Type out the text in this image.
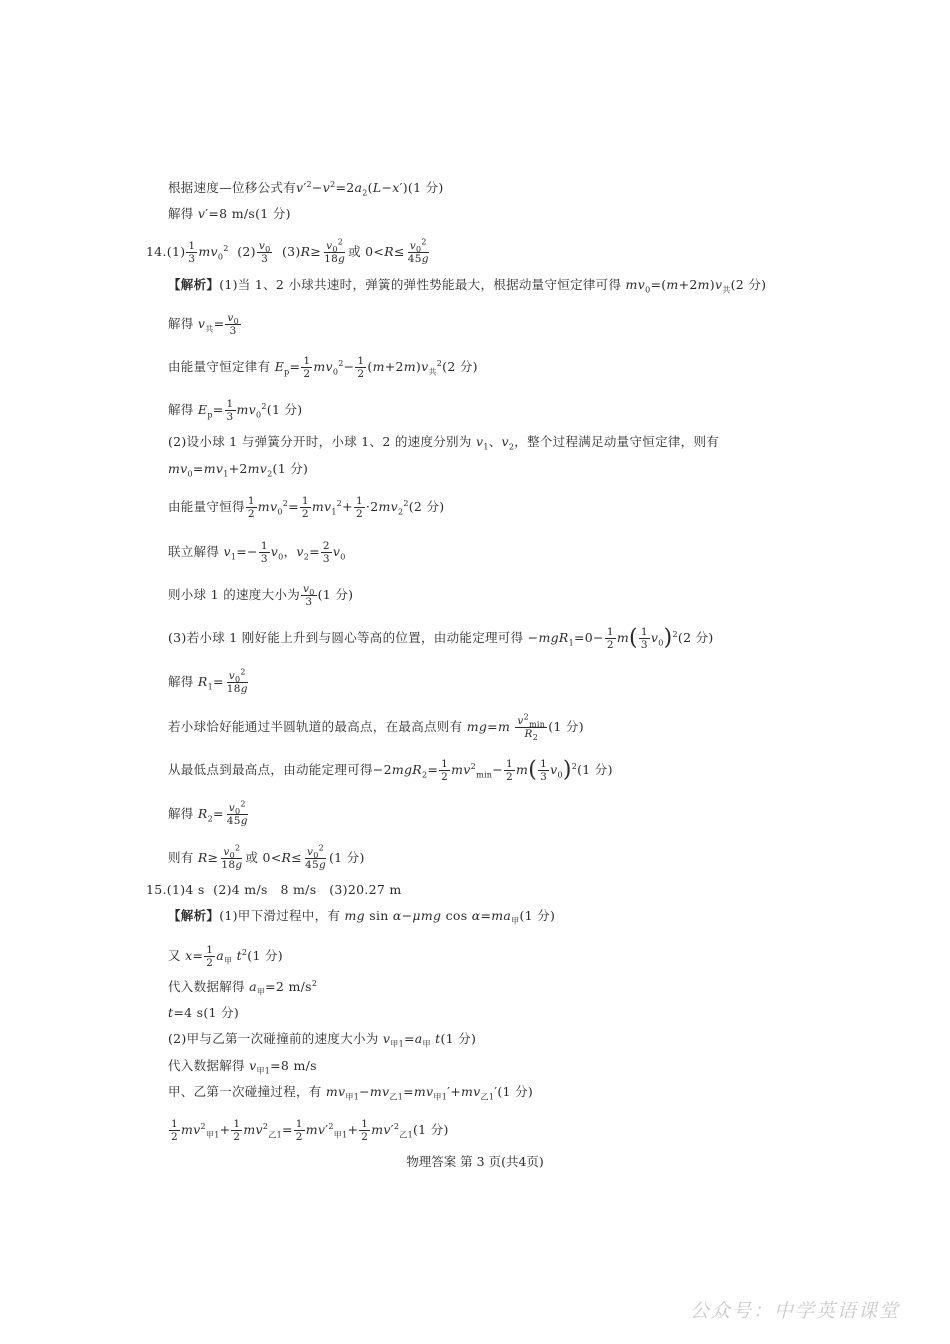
根据速度—位移公式有$v'^2-v^2=2a_2(L-x')(1$ 分)
解得 v′=8 m/s(1 分)
$14.(1) \frac{1}{3} mv_0^2$  $(2) \frac{v_0}{3} (3)R\ge \frac{v_0^2}{18g}$ 或 $0<R\le \frac{v_0^2}{45g}$
【解析】(1)当 1、2 小球共速时，弹簧的弹性势能最大，根据动量守恒定律可得 $mv_0=(m+2m)v_共(2$ 分)
解得 $v_共= \frac{v_0}{3}$
由能量守恒定律有 $E_p= \frac{1}{2} mv_0^2- \frac{1}{2} (m+2m)v_共^2(2$ 分)
解得 $E_p= \frac{1}{3} mv_0^2(1$ 分)
(2)设小球 1 与弹簧分开时，小球 1、2 的速度分别为 $v_1$、$v_2$，整个过程满足动量守恒定律，则有
$mv_0=mv_1+2mv_2(1$ 分)
由能量守恒得 $\frac{1}{2} mv_0^2= \frac{1}{2} mv_1^2+ \frac{1}{2} \cdot 2mv_2^2(2$ 分)
联立解得 $v_1=- \frac{1}{3} v_0$，$v_2= \frac{2}{3} v_0$
则小球 1 的速度大小为 $\frac{v_0}{3} (1$ 分)
(3)若小球 1 刚好能上升到与圆心等高的位置，由动能定理可得 $-mgR_1=0- \frac{1}{2} m( \frac{1}{3} v_0)^2(2$ 分)
解得 $R_1= \frac{v_0^2}{18g}$
若小球恰好能通过半圆轨道的最高点，在最高点则有 mg=m $v^2_{min}$
$R_2$
(1 分)
从最低点到最高点，由动能定理可得$-2mgR_2= \frac{1}{2} mv^2_{min}- \frac{1}{2} m( \frac{1}{3} v_0)^2(1$ 分)
解得 $R_2= \frac{v_0^2}{45g}$
则有 $R\ge \frac{v_0^2}{18g}$ 或 $0<R\le \frac{v_0^2}{45g} (1$ 分)
15.(1)4 s  (2)4 m/s   8 m/s   (3)20.27 m
【解析】(1)甲下滑过程中，有 mg sin α−μmg $\cos \alpha=ma_甲(1$ 分)
又 $x= \frac{1}{2} a_甲$ $t^2(1$ 分)
代入数据解得 $a_甲=2$ $m/s^2$
t=4 s(1 分)
(2)甲与乙第一次碰撞前的速度大小为 $v_{甲1}=a_甲$ t(1 分)
代入数据解得 $v_{甲1}=8$ m/s
甲、乙第一次碰撞过程，有 $mv_{甲1}-mv_{乙1}=mv_{甲1}'+mv_{乙1}'(1$ 分)
$\frac{1}{2} mv^2_{甲1}+ \frac{1}{2} mv^2_{乙1}= \frac{1}{2} mv'^2_{甲1}+ \frac{1}{2} mv'^2_{乙1}(1$ 分)
物理答案 第 3 页(共4页)
公众号：中学英语课堂
